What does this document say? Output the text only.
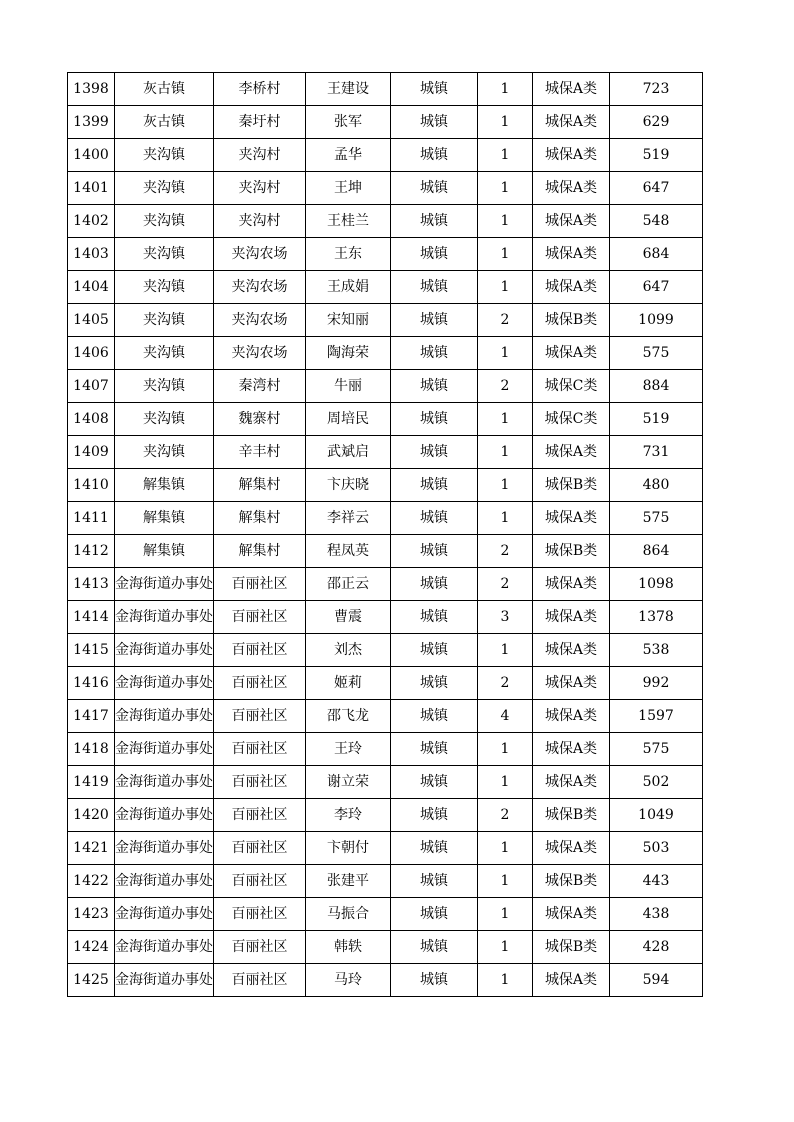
1398	灰古镇	李桥村	王建设	城镇	1	城保A类	723
1399	灰古镇	秦圩村	张军	城镇	1	城保A类	629
1400	夹沟镇	夹沟村	孟华	城镇	1	城保A类	519
1401	夹沟镇	夹沟村	王坤	城镇	1	城保A类	647
1402	夹沟镇	夹沟村	王桂兰	城镇	1	城保A类	548
1403	夹沟镇	夹沟农场	王东	城镇	1	城保A类	684
1404	夹沟镇	夹沟农场	王成娟	城镇	1	城保A类	647
1405	夹沟镇	夹沟农场	宋知丽	城镇	2	城保B类	1099
1406	夹沟镇	夹沟农场	陶海荣	城镇	1	城保A类	575
1407	夹沟镇	秦湾村	牛丽	城镇	2	城保C类	884
1408	夹沟镇	魏寨村	周培民	城镇	1	城保C类	519
1409	夹沟镇	辛丰村	武斌启	城镇	1	城保A类	731
1410	解集镇	解集村	卞庆晓	城镇	1	城保B类	480
1411	解集镇	解集村	李祥云	城镇	1	城保A类	575
1412	解集镇	解集村	程凤英	城镇	2	城保B类	864
1413	金海街道办事处	百丽社区	邵正云	城镇	2	城保A类	1098
1414	金海街道办事处	百丽社区	曹震	城镇	3	城保A类	1378
1415	金海街道办事处	百丽社区	刘杰	城镇	1	城保A类	538
1416	金海街道办事处	百丽社区	姬莉	城镇	2	城保A类	992
1417	金海街道办事处	百丽社区	邵飞龙	城镇	4	城保A类	1597
1418	金海街道办事处	百丽社区	王玲	城镇	1	城保A类	575
1419	金海街道办事处	百丽社区	谢立荣	城镇	1	城保A类	502
1420	金海街道办事处	百丽社区	李玲	城镇	2	城保B类	1049
1421	金海街道办事处	百丽社区	卞朝付	城镇	1	城保A类	503
1422	金海街道办事处	百丽社区	张建平	城镇	1	城保B类	443
1423	金海街道办事处	百丽社区	马振合	城镇	1	城保A类	438
1424	金海街道办事处	百丽社区	韩轶	城镇	1	城保B类	428
1425	金海街道办事处	百丽社区	马玲	城镇	1	城保A类	594
